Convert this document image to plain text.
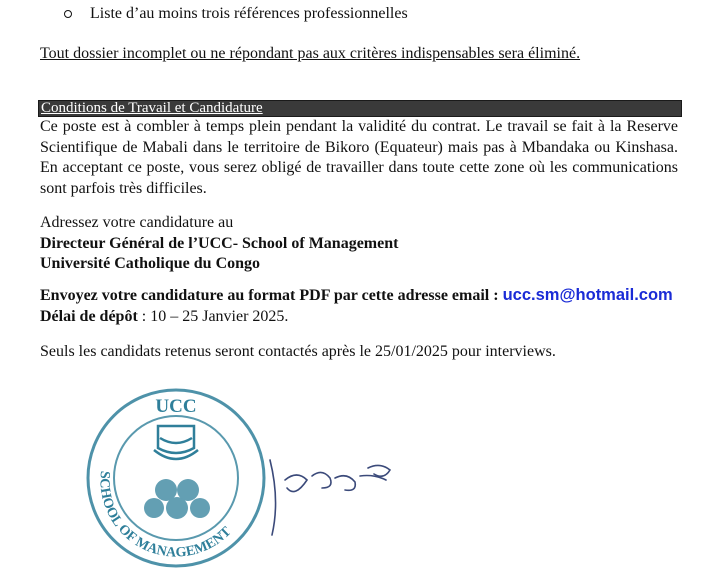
Liste d’au moins trois références professionnelles
Tout dossier incomplet ou ne répondant pas aux critères indispensables sera éliminé.
Conditions de Travail et Candidature
Ce poste est à combler à temps plein pendant la validité du contrat. Le travail se fait à la Reserve Scientifique de Mabali dans le territoire de Bikoro (Equateur) mais pas à Mbandaka ou Kinshasa. En acceptant ce poste, vous serez obligé de travailler dans toute cette zone où les communications sont parfois très difficiles.
Adressez votre candidature au
Directeur Général de l’UCC- School of Management
Université Catholique du Congo
Envoyez votre candidature au format PDF par cette adresse email : ucc.sm@hotmail.com
Délai de dépôt : 10 – 25 Janvier 2025.
Seuls les candidats retenus seront contactés après le 25/01/2025 pour interviews.
UCC
SCHOOL OF MANAGEMENT
